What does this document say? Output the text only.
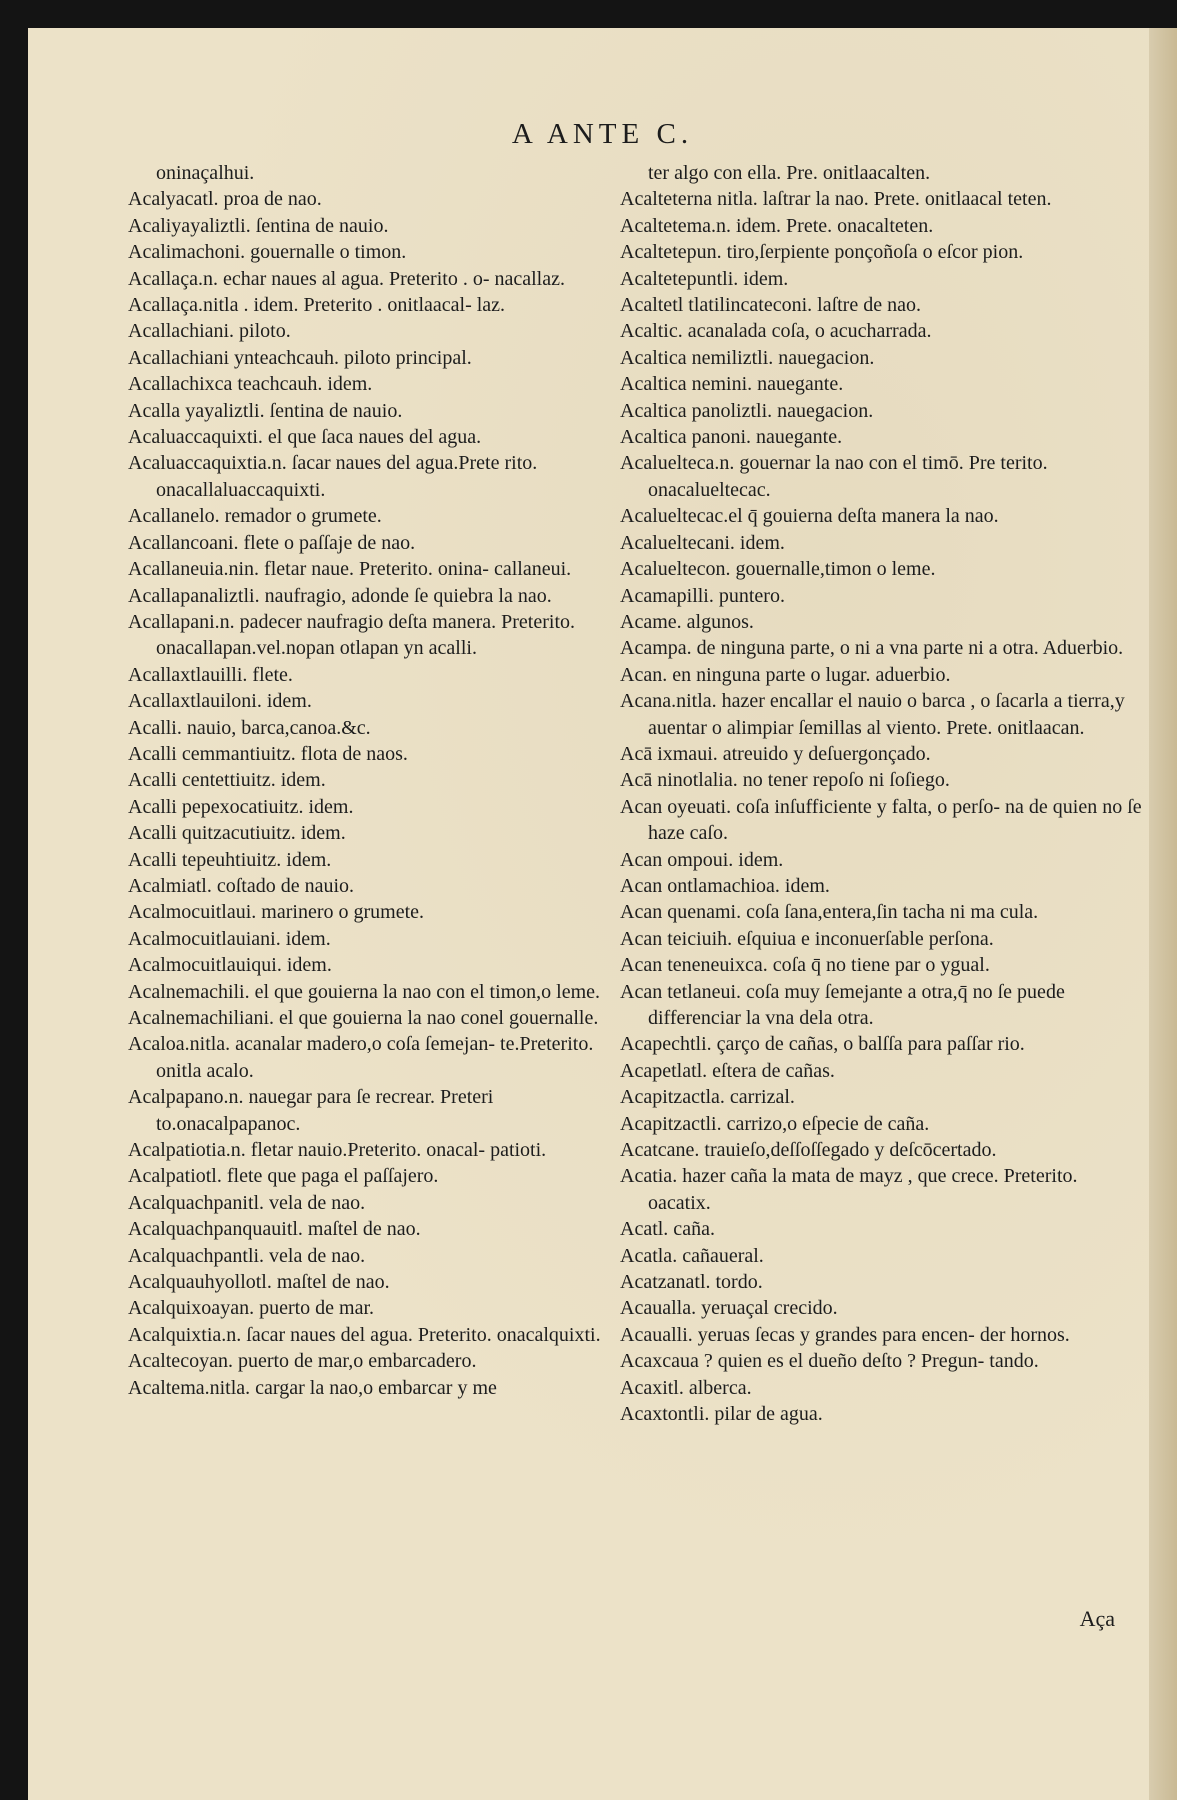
A ANTE C.

oninaçalhui.

Acalyacatl. proa de nao.

Acaliyayaliztli. ſentina de nauio.

Acalimachoni. gouernalle o timon.

Acallaça.n. echar naues al agua. Preterito . o- nacallaz.

Acallaça.nitla . idem. Preterito . onitlaacal- laz.

Acallachiani. piloto.

Acallachiani ynteachcauh. piloto principal.

Acallachixca teachcauh. idem.

Acalla yayaliztli. ſentina de nauio.

Acaluaccaquixti. el que ſaca naues del agua.

Acaluaccaquixtia.n. ſacar naues del agua.Prete rito. onacallaluaccaquixti.

Acallanelo. remador o grumete.

Acallancoani. flete o paſſaje de nao.

Acallaneuia.nin. fletar naue. Preterito. onina- callaneui.

Acallapanaliztli. naufragio, adonde ſe quiebra la nao.

Acallapani.n. padecer naufragio deſta manera. Preterito. onacallapan.vel.nopan otlapan yn acalli.

Acallaxtlauilli. flete.

Acallaxtlauiloni. idem.

Acalli. nauio, barca,canoa.&c.

Acalli cemmantiuitz. flota de naos.

Acalli centettiuitz. idem.

Acalli pepexocatiuitz. idem.

Acalli quitzacutiuitz. idem.

Acalli tepeuhtiuitz. idem.

Acalmiatl. coſtado de nauio.

Acalmocuitlaui. marinero o grumete.

Acalmocuitlauiani. idem.

Acalmocuitlauiqui. idem.

Acalnemachili. el que gouierna la nao con el timon,o leme.

Acalnemachiliani. el que gouierna la nao conel gouernalle.

Acaloa.nitla. acanalar madero,o coſa ſemejan- te.Preterito. onitla acalo.

Acalpapano.n. nauegar para ſe recrear. Preteri to.onacalpapanoc.

Acalpatiotia.n. fletar nauio.Preterito. onacal- patioti.

Acalpatiotl. flete que paga el paſſajero.

Acalquachpanitl. vela de nao.

Acalquachpanquauitl. maſtel de nao.

Acalquachpantli. vela de nao.

Acalquauhyollotl. maſtel de nao.

Acalquixoayan. puerto de mar.

Acalquixtia.n. ſacar naues del agua. Preterito. onacalquixti.

Acaltecoyan. puerto de mar,o embarcadero.

Acaltema.nitla. cargar la nao,o embarcar y me

ter algo con ella. Pre. onitlaacalten.

Acalteterna nitla. laſtrar la nao. Prete. onitlaacal teten.

Acaltetema.n. idem. Prete. onacalteten.

Acaltetepun. tiro,ſerpiente ponçoñoſa o eſcor pion.

Acaltetepuntli. idem.

Acaltetl tlatilincateconi. laſtre de nao.

Acaltic. acanalada coſa, o acucharrada.

Acaltica nemiliztli. nauegacion.

Acaltica nemini. nauegante.

Acaltica panoliztli. nauegacion.

Acaltica panoni. nauegante.

Acalueltecа.n. gouernar la nao con el timō. Pre terito. onacalueltecac.

Acalueltecac.el q̄ gouierna deſta manera la nao.

Acalueltecani. idem.

Acalueltecon. gouernalle,timon o leme.

Acamapilli. puntero.

Acame. algunos.

Acampa. de ninguna parte, o ni a vna parte ni a otra. Aduerbio.

Acan. en ninguna parte o lugar. aduerbio.

Acana.nitla. hazer encallar el nauio o barca , o ſacarla a tierra,y auentar o alimpiar ſemillas al viento. Prete. onitlaacan.

Acā ixmaui. atreuido y deſuergonçado.

Acā ninotlalia. no tener repoſo ni ſoſiego.

Acan oyeuati. coſa inſufficiente y falta, o perſo- na de quien no ſe haze caſo.

Acan ompoui. idem.

Acan ontlamachioa. idem.

Acan quenami. coſa ſana,entera,ſin tacha ni ma cula.

Acan teiciuih. eſquiua e inconuerſable perſona.

Acan teneneuixca. coſa q̄ no tiene par o ygual.

Acan tetlaneui. coſa muy ſemejante a otra,q̄ no ſe puede differenciar la vna dela otra.

Acapechtli. çarço de cañas, o balſſa para paſſar rio.

Acapetlatl. eſtera de cañas.

Acapitzactla. carrizal.

Acapitzactli. carrizo,o eſpecie de caña.

Acatcane. trauieſo,deſſoſſegado y deſcōcertado.

Acatia. hazer caña la mata de mayz , que crece. Preterito. oacatix.

Acatl. caña.

Acatla. cañaueral.

Acatzanatl. tordo.

Acaualla. yeruaçal crecido.

Acaualli. yeruas ſecas y grandes para encen- der hornos.

Acaxcaua ? quien es el dueño deſto ? Pregun- tando.

Acaxitl. alberca.

Acaxtontli. pilar de agua.

Aça
